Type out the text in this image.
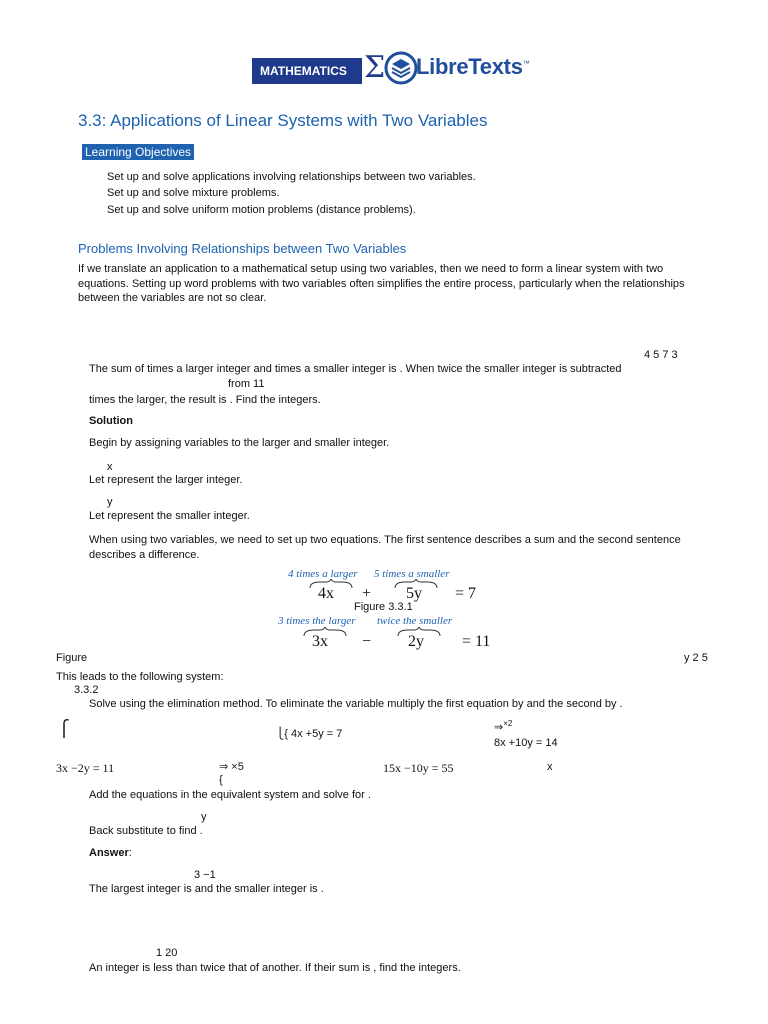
MATHEMATICS Σ LibreTexts™
3.3: Applications of Linear Systems with Two Variables
Learning Objectives
Set up and solve applications involving relationships between two variables.
Set up and solve mixture problems.
Set up and solve uniform motion problems (distance problems).
Problems Involving Relationships between Two Variables
If we translate an application to a mathematical setup using two variables, then we need to form a linear system with two equations. Setting up word problems with two variables often simplifies the entire process, particularly when the relationships between the variables are not so clear.
4 5 7 3
The sum of times a larger integer and times a smaller integer is . When twice the smaller integer is subtracted
from 11
times the larger, the result is . Find the integers.
Solution
Begin by assigning variables to the larger and smaller integer.
x
Let represent the larger integer.
y
Let represent the smaller integer.
When using two variables, we need to set up two equations. The first sentence describes a sum and the second sentence describes a difference.
4 times a larger 5 times a smaller
4x + 5y = 7
Figure 3.3.1
3 times the larger twice the smaller
3x − 2y = 11
Figure	y 2 5
This leads to the following system:
3.3.2
Solve using the elimination method. To eliminate the variable multiply the first equation by and the second by .
⎧	⎩{ 4x +5y = 7
⇒$^{\times 2}$
8x +10y = 14
3x −2y = 11	⇒ ×5
{
15x −10y = 55	x
Add the equations in the equivalent system and solve for .
y
Back substitute to find .
Answer:
3 −1
The largest integer is and the smaller integer is .
1 20
An integer is less than twice that of another. If their sum is , find the integers.
